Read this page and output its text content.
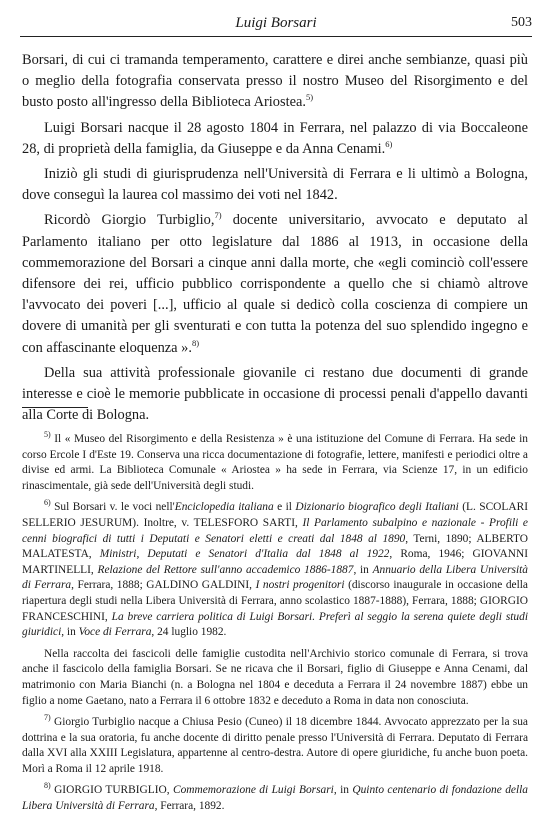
Luigi Borsari	503

Borsari, di cui ci tramanda temperamento, carattere e direi anche sembianze, quasi più o meglio della fotografia conservata presso il nostro Museo del Risorgimento e del busto posto all'ingresso della Biblioteca Ariostea.$^{5)}$

Luigi Borsari nacque il 28 agosto 1804 in Ferrara, nel palazzo di via Boccaleone 28, di proprietà della famiglia, da Giuseppe e da Anna Cenami.$^{6)}$

Iniziò gli studi di giurisprudenza nell'Università di Ferrara e li ultimò a Bologna, dove conseguì la laurea col massimo dei voti nel 1842.

Ricordò Giorgio Turbiglio,$^{7)}$ docente universitario, avvocato e deputato al Parlamento italiano per otto legislature dal 1886 al 1913, in occasione della commemorazione del Borsari a cinque anni dalla morte, che «egli cominciò coll'essere difensore dei rei, ufficio pubblico corrispondente a quello che si chiamò altrove l'avvocato dei poveri [...], ufficio al quale si dedicò colla coscienza di compiere un dovere di umanità per gli sventurati e con tutta la potenza del suo splendido ingegno e con affascinante eloquenza ».$^{8)}$

Della sua attività professionale giovanile ci restano due documenti di grande interesse e cioè le memorie pubblicate in occasione di processi penali d'appello davanti alla Corte di Bologna.

$^{5)}$ Il « Museo del Risorgimento e della Resistenza » è una istituzione del Comune di Ferrara. Ha sede in corso Ercole I d'Este 19. Conserva una ricca documentazione di fotografie, lettere, manifesti e periodici oltre a divise ed armi. La Biblioteca Comunale « Ariostea » ha sede in Ferrara, via Scienze 17, in un edificio rinascimentale, già sede dell'Università degli studi.

$^{6)}$ Sul Borsari v. le voci nell'Enciclopedia italiana e il Dizionario biografico degli Italiani (L. SCOLARI SELLERIO JESURUM). Inoltre, v. TELESFORO SARTI, Il Parlamento subalpino e nazionale - Profili e cenni biografici di tutti i Deputati e Senatori eletti e creati dal 1848 al 1890, Terni, 1890; ALBERTO MALATESTA, Ministri, Deputati e Senatori d'Italia dal 1848 al 1922, Roma, 1946; GIOVANNI MARTINELLI, Relazione del Rettore sull'anno accademico 1886-1887, in Annuario della Libera Università di Ferrara, Ferrara, 1888; GALDINO GALDINI, I nostri progenitori (discorso inaugurale in occasione della riapertura degli studi nella Libera Università di Ferrara, anno scolastico 1887-1888), Ferrara, 1888; GIORGIO FRANCESCHINI, La breve carriera politica di Luigi Borsari. Preferì al seggio la serena quiete degli studi giuridici, in Voce di Ferrara, 24 luglio 1982.

Nella raccolta dei fascicoli delle famiglie custodita nell'Archivio storico comunale di Ferrara, si trova anche il fascicolo della famiglia Borsari. Se ne ricava che il Borsari, figlio di Giuseppe e Anna Cenami, dal matrimonio con Maria Bianchi (n. a Bologna nel 1804 e deceduta a Ferrara il 24 novembre 1887) ebbe un figlio a nome Gaetano, nato a Ferrara il 6 ottobre 1832 e deceduto a Roma in data non conosciuta.

$^{7)}$ Giorgio Turbiglio nacque a Chiusa Pesio (Cuneo) il 18 dicembre 1844. Avvocato apprezzato per la sua dottrina e la sua oratoria, fu anche docente di diritto penale presso l'Università di Ferrara. Deputato di Ferrara dalla XVI alla XXIII Legislatura, appartenne al centro-destra. Autore di opere giuridiche, fu anche buon poeta. Morì a Roma il 12 aprile 1918.

$^{8)}$ GIORGIO TURBIGLIO, Commemorazione di Luigi Borsari, in Quinto centenario di fondazione della Libera Università di Ferrara, Ferrara, 1892.
